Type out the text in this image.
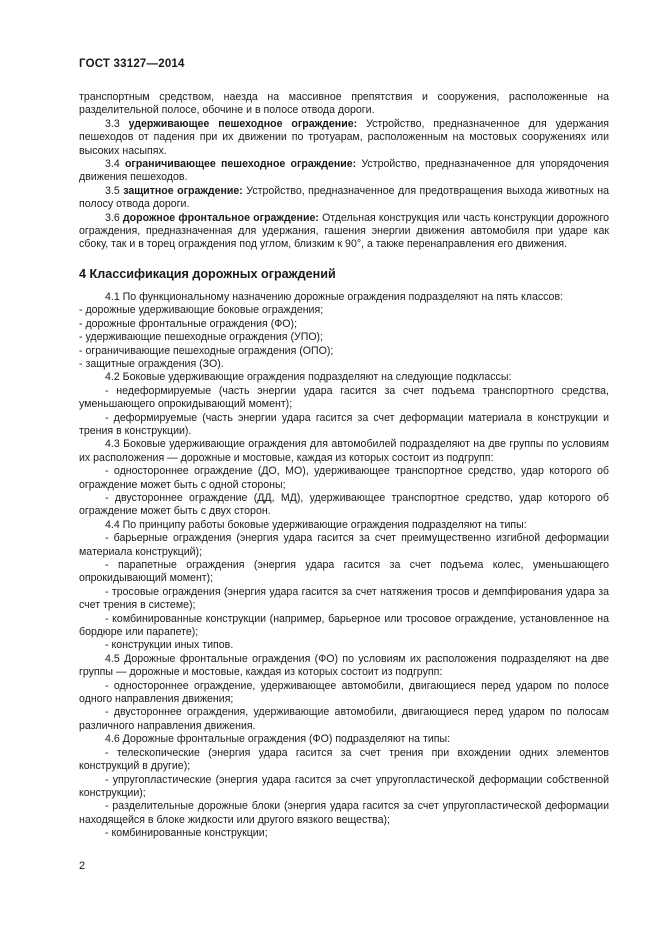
ГОСТ 33127—2014

транспортным средством, наезда на массивное препятствия и сооружения, расположенные на разделительной полосе, обочине и в полосе отвода дороги.

3.3 удерживающее пешеходное ограждение: Устройство, предназначенное для удержания пешеходов от падения при их движении по тротуарам, расположенным на мостовых сооружениях или высоких насыпях.

3.4 ограничивающее пешеходное ограждение: Устройство, предназначенное для упорядочения движения пешеходов.

3.5 защитное ограждение: Устройство, предназначенное для предотвращения выхода животных на полосу отвода дороги.

3.6 дорожное фронтальное ограждение: Отдельная конструкция или часть конструкции дорожного ограждения, предназначенная для удержания, гашения энергии движения автомобиля при ударе как сбоку, так и в торец ограждения под углом, близким к 90°, а также перенаправления его движения.

4 Классификация дорожных ограждений

4.1 По функциональному назначению дорожные ограждения подразделяют на пять классов:

- дорожные удерживающие боковые ограждения;

- дорожные фронтальные ограждения (ФО);

- удерживающие пешеходные ограждения (УПО);

- ограничивающие пешеходные ограждения (ОПО);

- защитные ограждения (ЗО).

4.2 Боковые удерживающие ограждения подразделяют на следующие подклассы:

- недеформируемые (часть энергии удара гасится за счет подъема транспортного средства, уменьшающего опрокидывающий момент);

- деформируемые (часть энергии удара гасится за счет деформации материала в конструкции и трения в конструкции).

4.3 Боковые удерживающие ограждения для автомобилей подразделяют на две группы по условиям их расположения — дорожные и мостовые, каждая из которых состоит из подгрупп:

- одностороннее ограждение (ДО, МО), удерживающее транспортное средство, удар которого об ограждение может быть с одной стороны;

- двустороннее ограждение (ДД, МД), удерживающее транспортное средство, удар которого об ограждение может быть с двух сторон.

4.4 По принципу работы боковые удерживающие ограждения подразделяют на типы:

- барьерные ограждения (энергия удара гасится за счет преимущественно изгибной деформации материала конструкций);

- парапетные ограждения (энергия удара гасится за счет подъема колес, уменьшающего опрокидывающий момент);

- тросовые ограждения (энергия удара гасится за счет натяжения тросов и демпфирования удара за счет трения в системе);

- комбинированные конструкции (например, барьерное или тросовое ограждение, установленное на бордюре или парапете);

- конструкции иных типов.

4.5 Дорожные фронтальные ограждения (ФО) по условиям их расположения подразделяют на две группы — дорожные и мостовые, каждая из которых состоит из подгрупп:

- одностороннее ограждение, удерживающее автомобили, двигающиеся перед ударом по полосе одного направления движения;

- двустороннее ограждения, удерживающие автомобили, двигающиеся перед ударом по полосам различного направления движения.

4.6 Дорожные фронтальные ограждения (ФО) подразделяют на типы:

- телескопические (энергия удара гасится за счет трения при вхождении одних элементов конструкций в другие);

- упругопластические (энергия удара гасится за счет упругопластической деформации собственной конструкции);

- разделительные дорожные блоки (энергия удара гасится за счет упругопластической деформации находящейся в блоке жидкости или другого вязкого вещества);

- комбинированные конструкции;

2
